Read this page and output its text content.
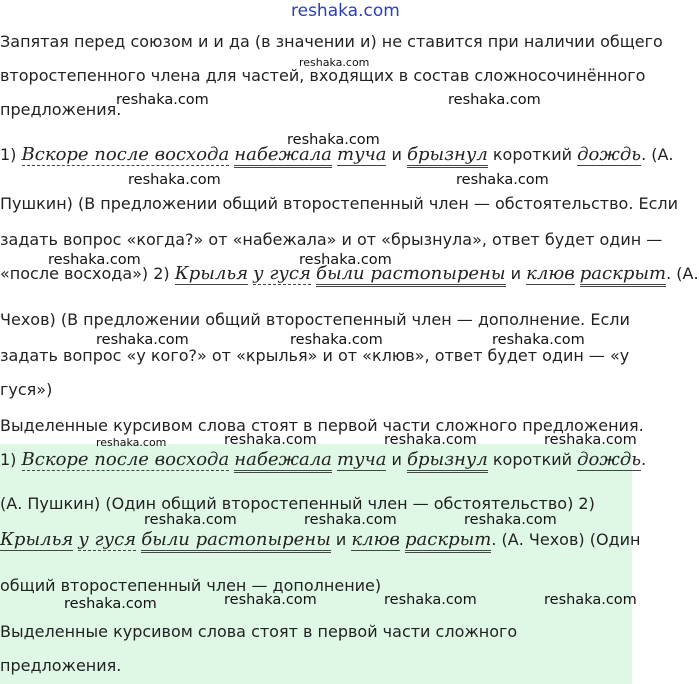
reshaka.com
Запятая перед союзом и и да (в значении и) не ставится при наличии общего
второстепенного члена для частей, входящих в состав сложносочинённого
предложения.
1) Вскоре после восхода набежала туча и брызнул короткий дождь. (А.
Пушкин) (В предложении общий второстепенный член — обстоятельство. Если
задать вопрос «когда?» от «набежала» и от «брызнула», ответ будет один —
«после восхода») 2) Крылья у гуся были растопырены и клюв раскрыт. (А.
Чехов) (В предложении общий второстепенный член — дополнение. Если
задать вопрос «у кого?» от «крылья» и от «клюв», ответ будет один — «у
гуся»)
Выделенные курсивом слова стоят в первой части сложного предложения.
1) Вскоре после восхода набежала туча и брызнул короткий дождь.
(А. Пушкин) (Один общий второстепенный член — обстоятельство) 2)
Крылья у гуся были растопырены и клюв раскрыт. (А. Чехов) (Один
общий второстепенный член — дополнение)
Выделенные курсивом слова стоят в первой части сложного
предложения.
reshaka.com
reshaka.com	reshaka.com
reshaka.com
reshaka.com	reshaka.com
reshaka.com	reshaka.com
reshaka.com	reshaka.com	reshaka.com
reshaka.com	reshaka.com	reshaka.com	reshaka.com
reshaka.com	reshaka.com	reshaka.com
reshaka.com	reshaka.com	reshaka.com	reshaka.com
